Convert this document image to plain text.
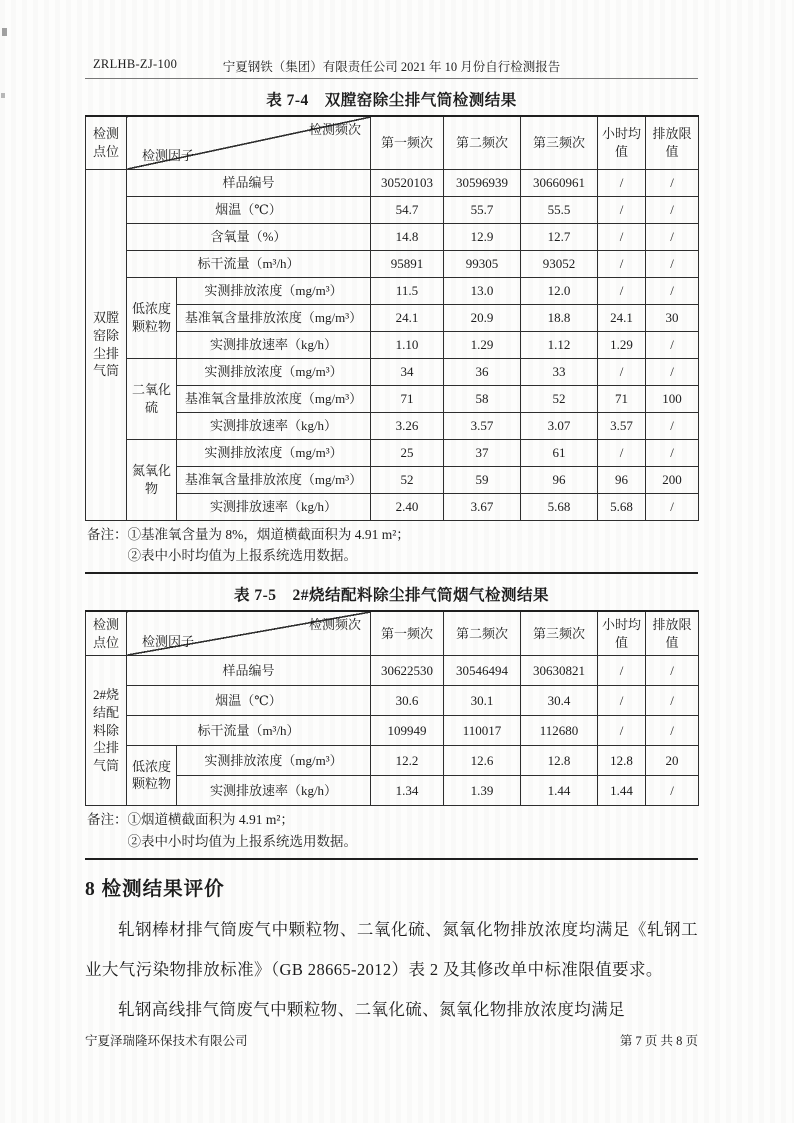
ZRLHB-ZJ-100	宁夏钢铁（集团）有限责任公司 2021 年 10 月份自行检测报告
表 7-4　双膛窑除尘排气筒检测结果
检测点位	检测频次
检测因子		第一频次	第二频次	第三频次	小时均值	排放限值
双膛窑除尘排气筒	样品编号		30520103	30596939	30660961	/	/
	烟温（℃）		54.7	55.7	55.5	/	/
	含氧量（%）		14.8	12.9	12.7	/	/
	标干流量（m³/h）		95891	99305	93052	/	/
	低浓度颗粒物	实测排放浓度（mg/m³）	11.5	13.0	12.0	/	/
		基准氧含量排放浓度（mg/m³）	24.1	20.9	18.8	24.1	30
		实测排放速率（kg/h）	1.10	1.29	1.12	1.29	/
	二氧化硫	实测排放浓度（mg/m³）	34	36	33	/	/
		基准氧含量排放浓度（mg/m³）	71	58	52	71	100
		实测排放速率（kg/h）	3.26	3.57	3.07	3.57	/
	氮氧化物	实测排放浓度（mg/m³）	25	37	61	/	/
		基准氧含量排放浓度（mg/m³）	52	59	96	96	200
		实测排放速率（kg/h）	2.40	3.67	5.68	5.68	/
备注： ①基准氧含量为 8%，烟道横截面积为 4.91 m²；
②表中小时均值为上报系统选用数据。
表 7-5　2#烧结配料除尘排气筒烟气检测结果
检测点位	检测频次
检测因子		第一频次	第二频次	第三频次	小时均值	排放限值
2#烧结配料除尘排气筒	样品编号		30622530	30546494	30630821	/	/
	烟温（℃）		30.6	30.1	30.4	/	/
	标干流量（m³/h）		109949	110017	112680	/	/
	低浓度颗粒物	实测排放浓度（mg/m³）	12.2	12.6	12.8	12.8	20
		实测排放速率（kg/h）	1.34	1.39	1.44	1.44	/
备注： ①烟道横截面积为 4.91 m²；
②表中小时均值为上报系统选用数据。
8 检测结果评价

轧钢棒材排气筒废气中颗粒物、二氧化硫、氮氧化物排放浓度均满足《轧钢工业大气污染物排放标准》（GB 28665-2012）表 2 及其修改单中标准限值要求。

轧钢高线排气筒废气中颗粒物、二氧化硫、氮氧化物排放浓度均满足

宁夏泽瑞隆环保技术有限公司	第 7 页 共 8 页
